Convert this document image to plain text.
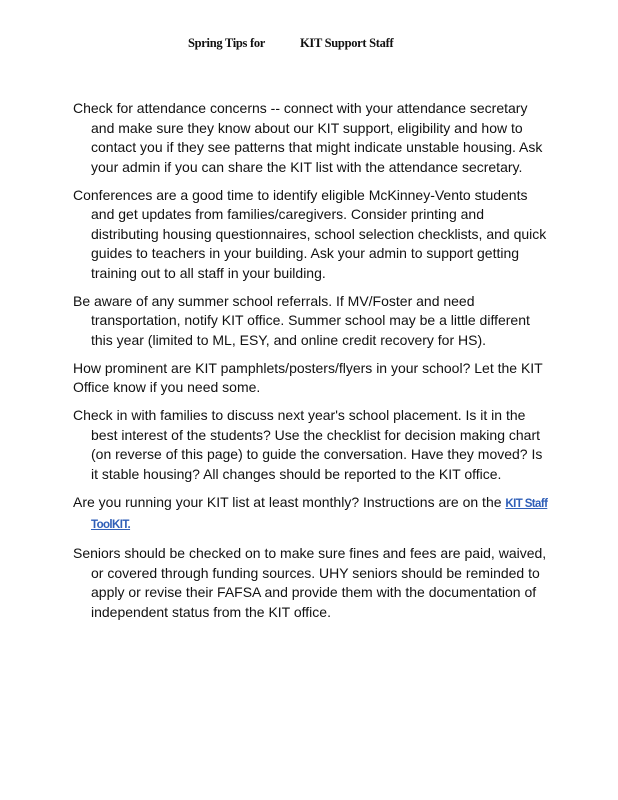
Spring Tips for	KIT Support Staff

Check for attendance concerns -- connect with your attendance secretary and make sure they know about our KIT support, eligibility and how to contact you if they see patterns that might indicate unstable housing. Ask your admin if you can share the KIT list with the attendance secretary.

Conferences are a good time to identify eligible McKinney-Vento students and get updates from families/caregivers. Consider printing and distributing housing questionnaires, school selection checklists, and quick guides to teachers in your building. Ask your admin to support getting training out to all staff in your building.

Be aware of any summer school referrals. If MV/Foster and need transportation, notify KIT office. Summer school may be a little different this year (limited to ML, ESY, and online credit recovery for HS).

How prominent are KIT pamphlets/posters/flyers in your school? Let the KIT Office know if you need some.

Check in with families to discuss next year's school placement. Is it in the best interest of the students? Use the checklist for decision making chart (on reverse of this page) to guide the conversation. Have they moved? Is it stable housing? All changes should be reported to the KIT office.

Are you running your KIT list at least monthly? Instructions are on the KIT Staff ToolKIT.

Seniors should be checked on to make sure fines and fees are paid, waived, or covered through funding sources. UHY seniors should be reminded to apply or revise their FAFSA and provide them with the documentation of independent status from the KIT office.
